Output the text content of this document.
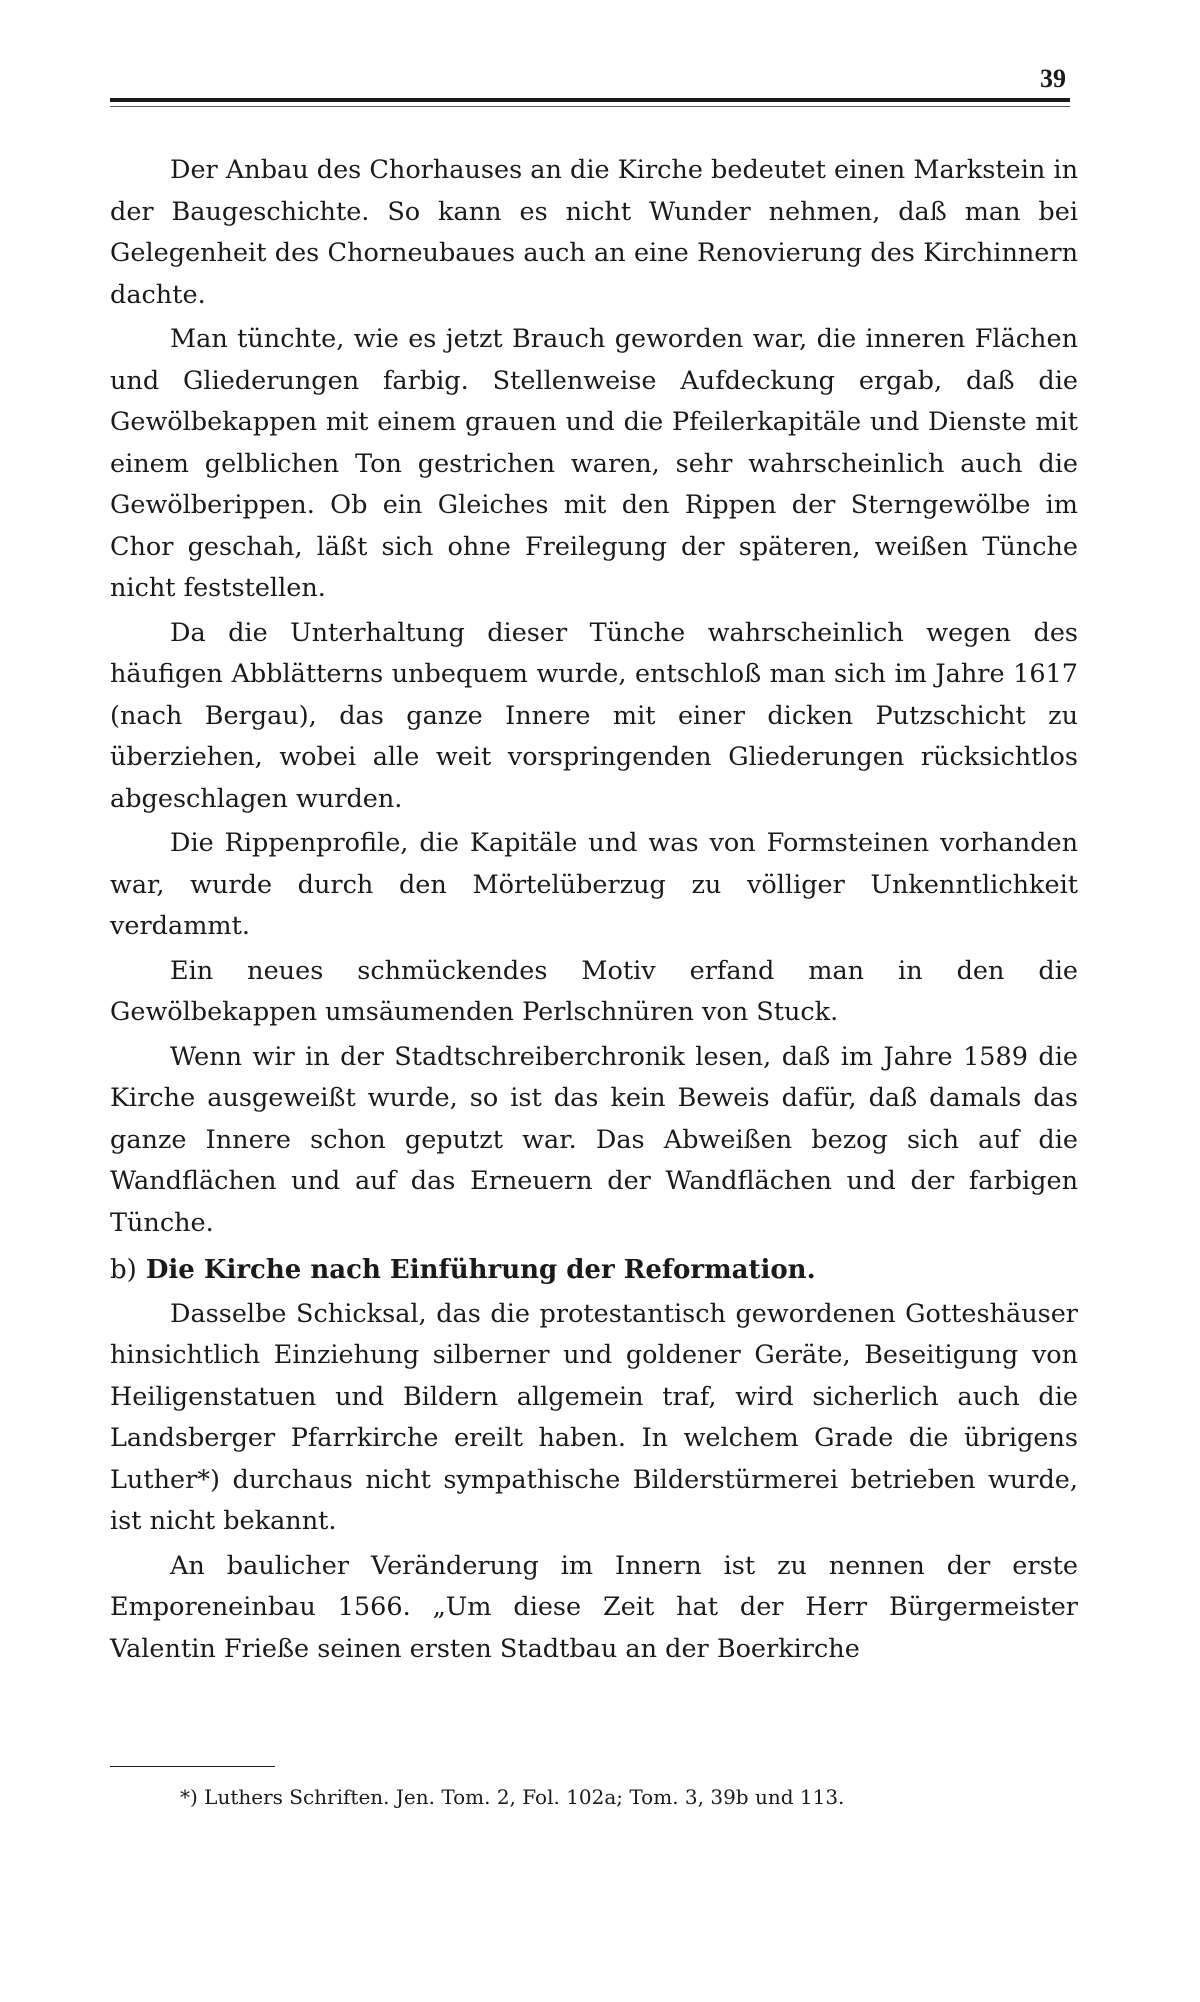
39

Der Anbau des Chorhauses an die Kirche bedeutet einen Markstein in der Baugeschichte. So kann es nicht Wunder nehmen, daß man bei Gelegenheit des Chorneubaues auch an eine Renovierung des Kirchinnern dachte.

Man tünchte, wie es jetzt Brauch geworden war, die inneren Flächen und Gliederungen farbig. Stellenweise Aufdeckung ergab, daß die Gewölbekappen mit einem grauen und die Pfeilerkapitäle und Dienste mit einem gelblichen Ton gestrichen waren, sehr wahrscheinlich auch die Gewölberippen. Ob ein Gleiches mit den Rippen der Sterngewölbe im Chor geschah, läßt sich ohne Freilegung der späteren, weißen Tünche nicht feststellen.

Da die Unterhaltung dieser Tünche wahrscheinlich wegen des häufigen Abblätterns unbequem wurde, entschloß man sich im Jahre 1617 (nach Bergau), das ganze Innere mit einer dicken Putzschicht zu überziehen, wobei alle weit vorspringenden Gliederungen rücksichtlos abgeschlagen wurden.

Die Rippenprofile, die Kapitäle und was von Formsteinen vorhanden war, wurde durch den Mörtelüberzug zu völliger Unkenntlichkeit verdammt.

Ein neues schmückendes Motiv erfand man in den die Gewölbekappen umsäumenden Perlschnüren von Stuck.

Wenn wir in der Stadtschreiberchronik lesen, daß im Jahre 1589 die Kirche ausgeweißt wurde, so ist das kein Beweis dafür, daß damals das ganze Innere schon geputzt war. Das Abweißen bezog sich auf die Wandflächen und auf das Erneuern der Wandflächen und der farbigen Tünche.

b) Die Kirche nach Einführung der Reformation.

Dasselbe Schicksal, das die protestantisch gewordenen Gotteshäuser hinsichtlich Einziehung silberner und goldener Geräte, Beseitigung von Heiligenstatuen und Bildern allgemein traf, wird sicherlich auch die Landsberger Pfarrkirche ereilt haben. In welchem Grade die übrigens Luther*) durchaus nicht sympathische Bilderstürmerei betrieben wurde, ist nicht bekannt.

An baulicher Veränderung im Innern ist zu nennen der erste Emporeneinbau 1566. „Um diese Zeit hat der Herr Bürgermeister Valentin Frieße seinen ersten Stadtbau an der Boerkirche

*) Luthers Schriften. Jen. Tom. 2, Fol. 102a; Tom. 3, 39b und 113.
